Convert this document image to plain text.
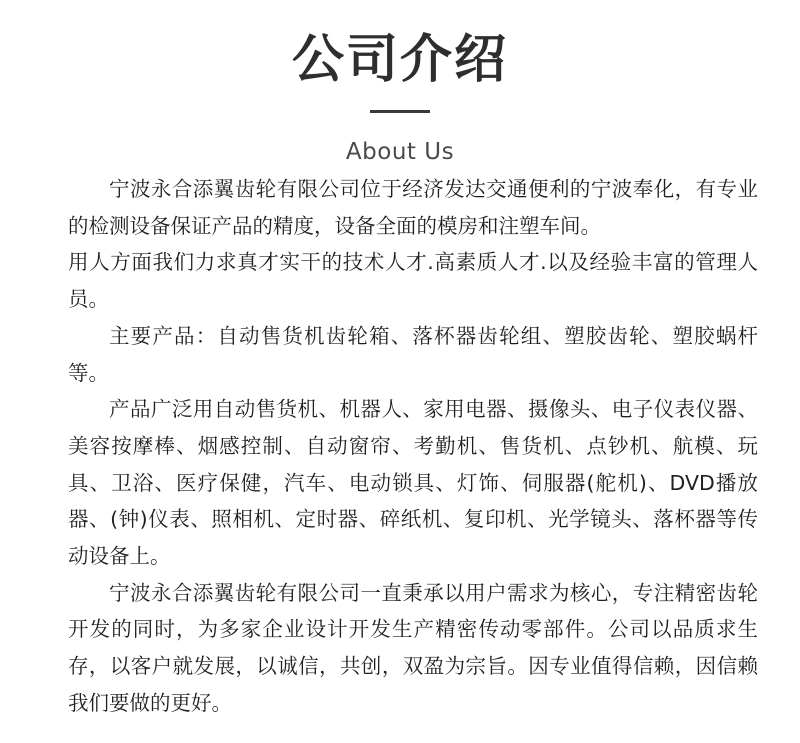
公司介绍
About Us

宁波永合添翼齿轮有限公司位于经济发达交通便利的宁波奉化，有专业的检测设备保证产品的精度，设备全面的模房和注塑车间。

用人方面我们力求真才实干的技术人才.高素质人才.以及经验丰富的管理人员。

主要产品：自动售货机齿轮箱、落杯器齿轮组、塑胶齿轮、塑胶蜗杆等。

产品广泛用自动售货机、机器人、家用电器、摄像头、电子仪表仪器、美容按摩棒、烟感控制、自动窗帘、考勤机、售货机、点钞机、航模、玩具、卫浴、医疗保健，汽车、电动锁具、灯饰、伺服器(舵机)、DVD播放器、(钟)仪表、照相机、定时器、碎纸机、复印机、光学镜头、落杯器等传动设备上。

宁波永合添翼齿轮有限公司一直秉承以用户需求为核心，专注精密齿轮开发的同时，为多家企业设计开发生产精密传动零部件。公司以品质求生存，以客户就发展，以诚信，共创，双盈为宗旨。因专业值得信赖，因信赖我们要做的更好。
